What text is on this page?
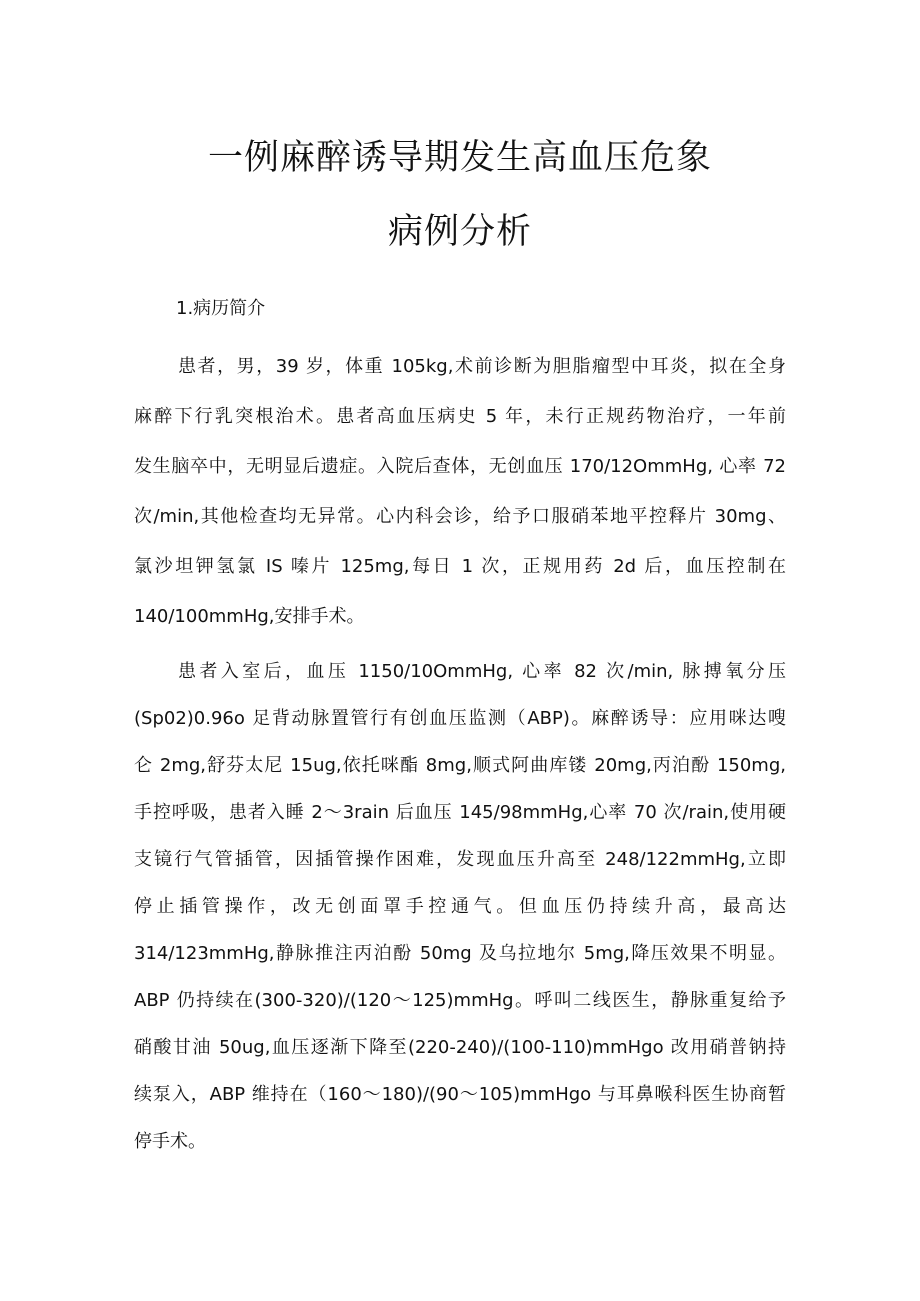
一例麻醉诱导期发生高血压危象
病例分析
1.病历简介
患者，男，39 岁，体重 105kg,术前诊断为胆脂瘤型中耳炎，拟在全身
麻醉下行乳突根治术。患者高血压病史 5 年，未行正规药物治疗，一年前
发生脑卒中，无明显后遗症。入院后查体，无创血压 170/12OmmHg, 心率 72
次/min,其他检查均无异常。心内科会诊，给予口服硝苯地平控释片 30mg、
氯沙坦钾氢氯 IS 嗪片 125mg,每日 1 次，正规用药 2d 后，血压控制在
140/100mmHg,安排手术。
患者入室后，血压 1150/10OmmHg, 心率 82 次/min, 脉搏氧分压
(Sp02)0.96o 足背动脉置管行有创血压监测（ABP)。麻醉诱导：应用咪达嗖
仑 2mg,舒芬太尼 15ug,依托咪酯 8mg,顺式阿曲库镂 20mg,丙泊酚 150mg,
手控呼吸，患者入睡 2～3rain 后血压 145/98mmHg,心率 70 次/rain,使用硬
支镜行气管插管，因插管操作困难，发现血压升高至 248/122mmHg,立即
停止插管操作，改无创面罩手控通气。但血压仍持续升高，最高达
314/123mmHg,静脉推注丙泊酚 50mg 及乌拉地尔 5mg,降压效果不明显。
ABP 仍持续在(300-320)/(120～125)mmHg。呼叫二线医生，静脉重复给予
硝酸甘油 50ug,血压逐渐下降至(220-240)/(100-110)mmHgo 改用硝普钠持
续泵入，ABP 维持在（160～180)/(90～105)mmHgo 与耳鼻喉科医生协商暂
停手术。
